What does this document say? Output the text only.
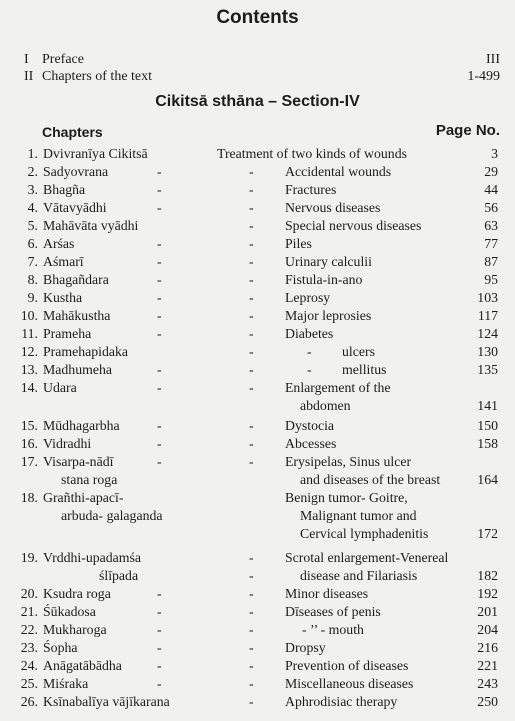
Contents
I Preface	III
II Chapters of the text	1-499
Cikitsā sthāna – Section-IV
Chapters	Page No.
1. Dvivranīya Cikitsā	Treatment of two kinds of wounds	3
2. Sadyovrana	-	- Accidental wounds	29
3. Bhagña	-	- Fractures	44
4. Vātavyādhi	-	- Nervous diseases	56
5. Mahāvāta vyādhi	- Special nervous diseases	63
6. Arśas	-	- Piles	77
7. Aśmarī	-	- Urinary calculii	87
8. Bhagañdara	-	- Fistula-in-ano	95
9. Kustha	-	- Leprosy	103
10. Mahākustha	-	- Major leprosies	117
11. Prameha	-	- Diabetes	124
12. Pramehapidaka	-	- ulcers	130
13. Madhumeha	-	-	- mellitus	135
14. Udara	-	- Enlargement of the
abdomen	141
15. Mūdhagarbha	-	- Dystocia	150
16. Vidradhi	-	- Abcesses	158
17. Visarpa-nādī	-	- Erysipelas, Sinus ulcer
stana roga	and diseases of the breast	164
18. Grañthi-apacī-	Benign tumor- Goitre,
arbuda- galaganda	Malignant tumor and
Cervical lymphadenitis	172
19. Vrddhi-upadamśa	- Scrotal enlargement-Venereal
ślīpada	-	disease and Filariasis	182
20. Ksudra roga	-	- Minor diseases	192
21. Śūkadosa	-	- Dīseases of penis	201
22. Mukharoga	-	-	- ’’ - mouth	204
23. Śopha	-	- Dropsy	216
24. Anāgatābādha	-	- Prevention of diseases	221
25. Miśraka	-	- Miscellaneous diseases	243
26. Ksīnabalīya vājīkarana	- Aphrodisiac therapy	250
